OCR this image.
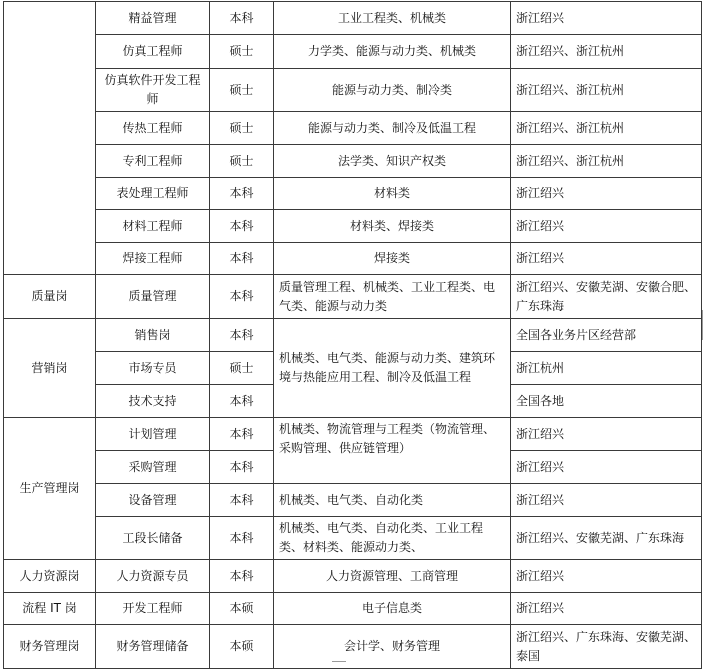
	精益管理	本科	工业工程类、机械类	浙江绍兴
	仿真工程师	硕士	力学类、能源与动力类、机械类	浙江绍兴、浙江杭州
	仿真软件开发工程师	硕士	能源与动力类、制冷类	浙江绍兴、浙江杭州
	传热工程师	硕士	能源与动力类、制冷及低温工程	浙江绍兴、浙江杭州
	专利工程师	硕士	法学类、知识产权类	浙江绍兴、浙江杭州
	表处理工程师	本科	材料类	浙江绍兴
	材料工程师	本科	材料类、焊接类	浙江绍兴
	焊接工程师	本科	焊接类	浙江绍兴
质量岗	质量管理	本科	质量管理工程、机械类、工业工程类、电气类、能源与动力类	浙江绍兴、安徽芜湖、安徽合肥、广东珠海
营销岗	销售岗	本科	机械类、电气类、能源与动力类、建筑环境与热能应用工程、制冷及低温工程	全国各业务片区经营部
	市场专员	硕士		浙江杭州
	技术支持	本科		全国各地
生产管理岗	计划管理	本科	机械类、物流管理与工程类（物流管理、采购管理、供应链管理）	浙江绍兴
	采购管理	本科		浙江绍兴
	设备管理	本科	机械类、电气类、自动化类	浙江绍兴
	工段长储备	本科	机械类、电气类、自动化类、工业工程类、材料类、能源动力类、	浙江绍兴、安徽芜湖、广东珠海
人力资源岗	人力资源专员	本科	人力资源管理、工商管理	浙江绍兴
流程 IT 岗	开发工程师	本硕	电子信息类	浙江绍兴
财务管理岗	财务管理储备	本硕	会计学、财务管理	浙江绍兴、广东珠海、安徽芜湖、泰国
